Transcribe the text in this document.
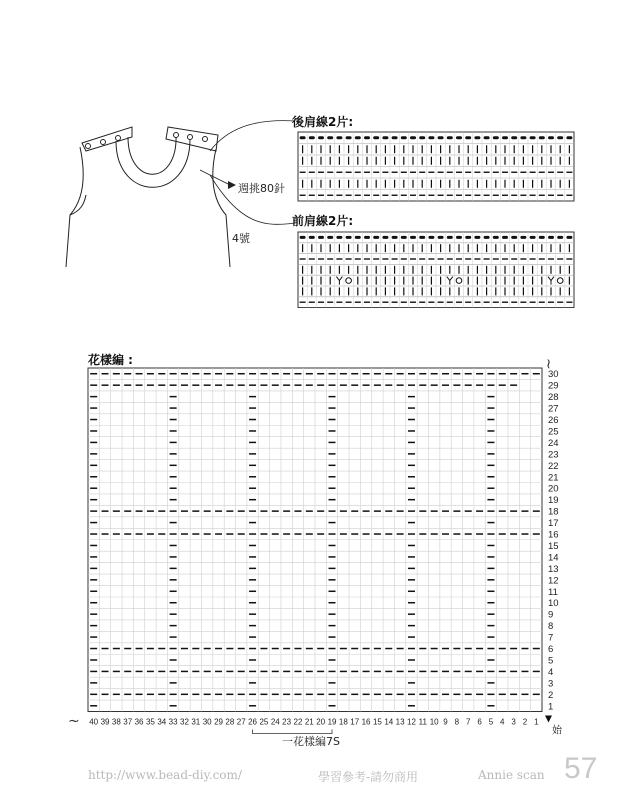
週挑80針
4號
後肩線2片:
前肩線2片:
花樣編 :
1
2
3
4
5
6
7
8
9
10
11
12
13
14
15
16
17
18
19
20
21
22
23
24
25
26
27
28
29
30
1
2
3
4
5
6
7
8
9
10
11
12
13
14
15
16
17
18
19
20
21
22
23
24
25
26
27
28
29
30
31
32
33
34
35
36
37
38
39
40
~
~
始
一花樣編7S
http://www.bead-diy.com/	學習參考-請勿商用	Annie scan 57
